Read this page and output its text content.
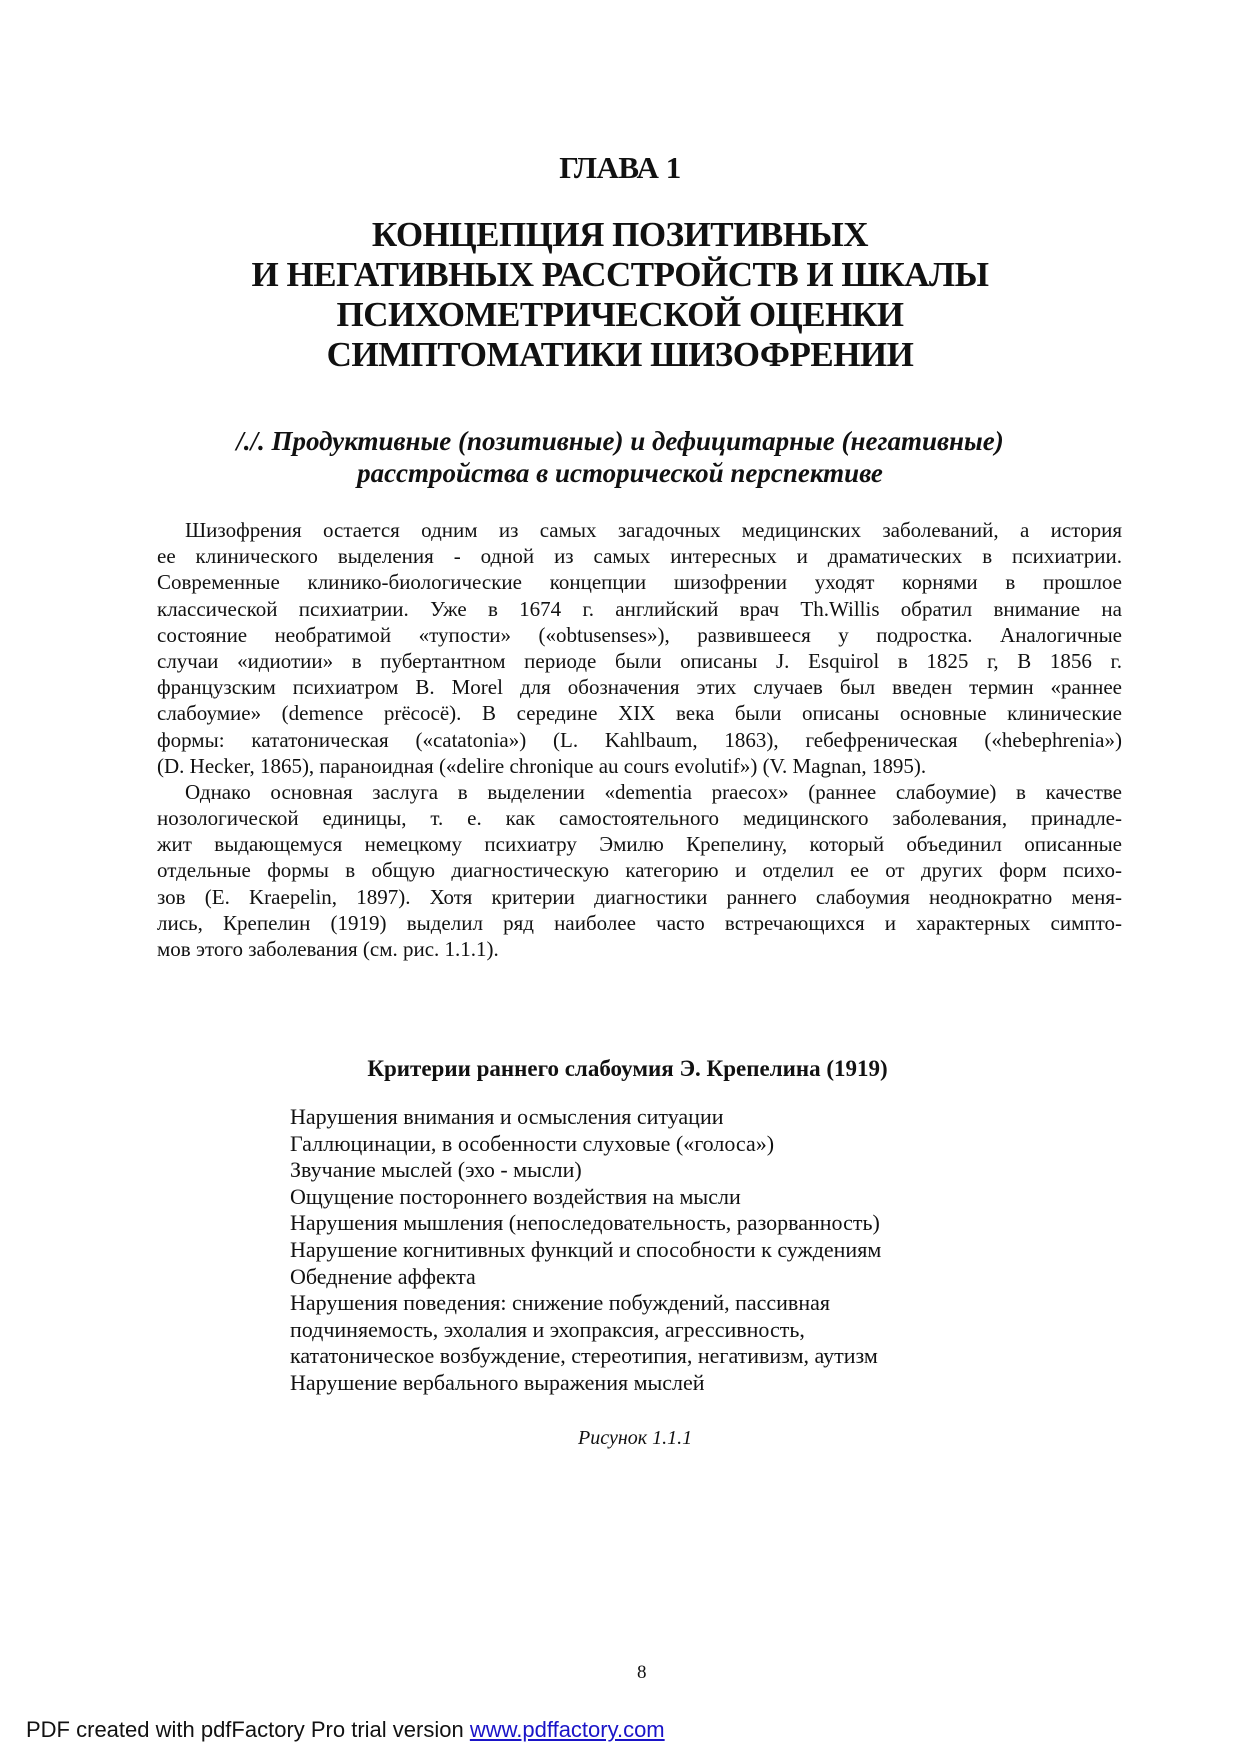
ГЛАВА 1
КОНЦЕПЦИЯ ПОЗИТИВНЫХ
И НЕГАТИВНЫХ РАССТРОЙСТВ И ШКАЛЫ
ПСИХОМЕТРИЧЕСКОЙ ОЦЕНКИ
СИМПТОМАТИКИ ШИЗОФРЕНИИ
/./. Продуктивные (позитивные) и дефицитарные (негативные)
расстройства в исторической перспективе
Шизофрения остается одним из самых загадочных медицинских заболеваний, а история
ее клинического выделения - одной из самых интересных и драматических в психиатрии.
Современные клинико-биологические концепции шизофрении уходят корнями в прошлое
классической психиатрии. Уже в 1674 г. английский врач Th.Willis обратил внимание на
состояние необратимой «тупости» («obtusenses»), развившееся у подростка. Аналогичные
случаи «идиотии» в пубертантном периоде были описаны J. Esquirol в 1825 г, В 1856 г.
французским психиатром В. Morel для обозначения этих случаев был введен термин «раннее
слабоумие» (demence prёcocё). В середине XIX века были описаны основные клинические
формы: кататоническая («catatonia») (L. Kahlbaum, 1863), гебефреническая («hebephrenia»)
(D. Hecker, 1865), параноидная («delire chronique au cours evolutif») (V. Magnan, 1895).
Однако основная заслуга в выделении «dementia praecox» (раннее слабоумие) в качестве
нозологической единицы, т. е. как самостоятельного медицинского заболевания, принадле-
жит выдающемуся немецкому психиатру Эмилю Крепелину, который объединил описанные
отдельные формы в общую диагностическую категорию и отделил ее от других форм психо-
зов (E. Kraepelin, 1897). Хотя критерии диагностики раннего слабоумия неоднократно меня-
лись, Крепелин (1919) выделил ряд наиболее часто встречающихся и характерных симпто-
мов этого заболевания (см. рис. 1.1.1).
Критерии раннего слабоумия Э. Крепелина (1919)
Нарушения внимания и осмысления ситуации
Галлюцинации, в особенности слуховые («голоса»)
Звучание мыслей (эхо - мысли)
Ощущение постороннего воздействия на мысли
Нарушения мышления (непоследовательность, разорванность)
Нарушение когнитивных функций и способности к суждениям
Обеднение аффекта
Нарушения поведения: снижение побуждений, пассивная
подчиняемость, эхолалия и эхопраксия, агрессивность,
кататоническое возбуждение, стереотипия, негативизм, аутизм
Нарушение вербального выражения мыслей
Рисунок 1.1.1
8
PDF created with pdfFactory Pro trial version www.pdffactory.com
